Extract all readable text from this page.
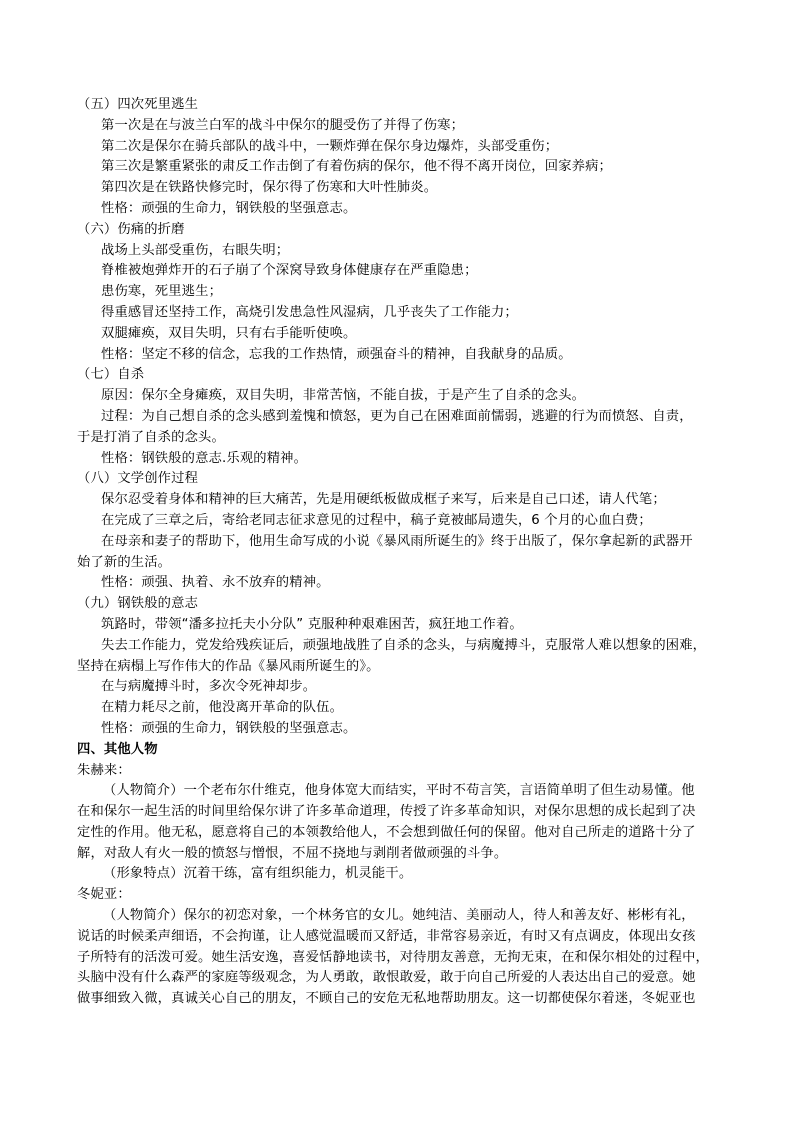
（五）四次死里逃生
第一次是在与波兰白军的战斗中保尔的腿受伤了并得了伤寒；
第二次是保尔在骑兵部队的战斗中，一颗炸弹在保尔身边爆炸，头部受重伤；
第三次是繁重紧张的肃反工作击倒了有着伤病的保尔，他不得不离开岗位，回家养病；
第四次是在铁路快修完时，保尔得了伤寒和大叶性肺炎。
性格：顽强的生命力，钢铁般的坚强意志。
（六）伤痛的折磨
战场上头部受重伤，右眼失明；
脊椎被炮弹炸开的石子崩了个深窝导致身体健康存在严重隐患；
患伤寒，死里逃生；
得重感冒还坚持工作，高烧引发患急性风湿病，几乎丧失了工作能力；
双腿瘫痪，双目失明，只有右手能听使唤。
性格：坚定不移的信念，忘我的工作热情，顽强奋斗的精神，自我献身的品质。
（七）自杀
原因：保尔全身瘫痪，双目失明，非常苦恼，不能自拔，于是产生了自杀的念头。
过程：为自己想自杀的念头感到羞愧和愤怒，更为自己在困难面前懦弱，逃避的行为而愤怒、自责，
于是打消了自杀的念头。
性格：钢铁般的意志.乐观的精神。
（八）文学创作过程
保尔忍受着身体和精神的巨大痛苦，先是用硬纸板做成框子来写，后来是自己口述，请人代笔；
在完成了三章之后，寄给老同志征求意见的过程中，稿子竟被邮局遗失，6 个月的心血白费；
在母亲和妻子的帮助下，他用生命写成的小说《暴风雨所诞生的》终于出版了，保尔拿起新的武器开
始了新的生活。
性格：顽强、执着、永不放弃的精神。
（九）钢铁般的意志
筑路时，带领“潘多拉托夫小分队” 克服种种艰难困苦，疯狂地工作着。
失去工作能力，党发给残疾证后，顽强地战胜了自杀的念头，与病魔搏斗，克服常人难以想象的困难，
坚持在病榻上写作伟大的作品《暴风雨所诞生的》。
在与病魔搏斗时，多次令死神却步。
在精力耗尽之前，他没离开革命的队伍。
性格：顽强的生命力，钢铁般的坚强意志。
四、其他人物
朱赫来：
（人物简介）一个老布尔什维克，他身体宽大而结实，平时不苟言笑，言语简单明了但生动易懂。他
在和保尔一起生活的时间里给保尔讲了许多革命道理，传授了许多革命知识，对保尔思想的成长起到了决
定性的作用。他无私，愿意将自己的本领教给他人，不会想到做任何的保留。他对自己所走的道路十分了
解，对敌人有火一般的愤怒与憎恨，不屈不挠地与剥削者做顽强的斗争。
（形象特点）沉着干练，富有组织能力，机灵能干。
冬妮亚：
（人物简介）保尔的初恋对象，一个林务官的女儿。她纯洁、美丽动人，待人和善友好、彬彬有礼，
说话的时候柔声细语，不会拘谨，让人感觉温暖而又舒适，非常容易亲近，有时又有点调皮，体现出女孩
子所特有的活泼可爱。她生活安逸，喜爱恬静地读书，对待朋友善意，无拘无束，在和保尔相处的过程中，
头脑中没有什么森严的家庭等级观念，为人勇敢，敢恨敢爱，敢于向自己所爱的人表达出自己的爱意。她
做事细致入微，真诚关心自己的朋友，不顾自己的安危无私地帮助朋友。这一切都使保尔着迷，冬妮亚也
